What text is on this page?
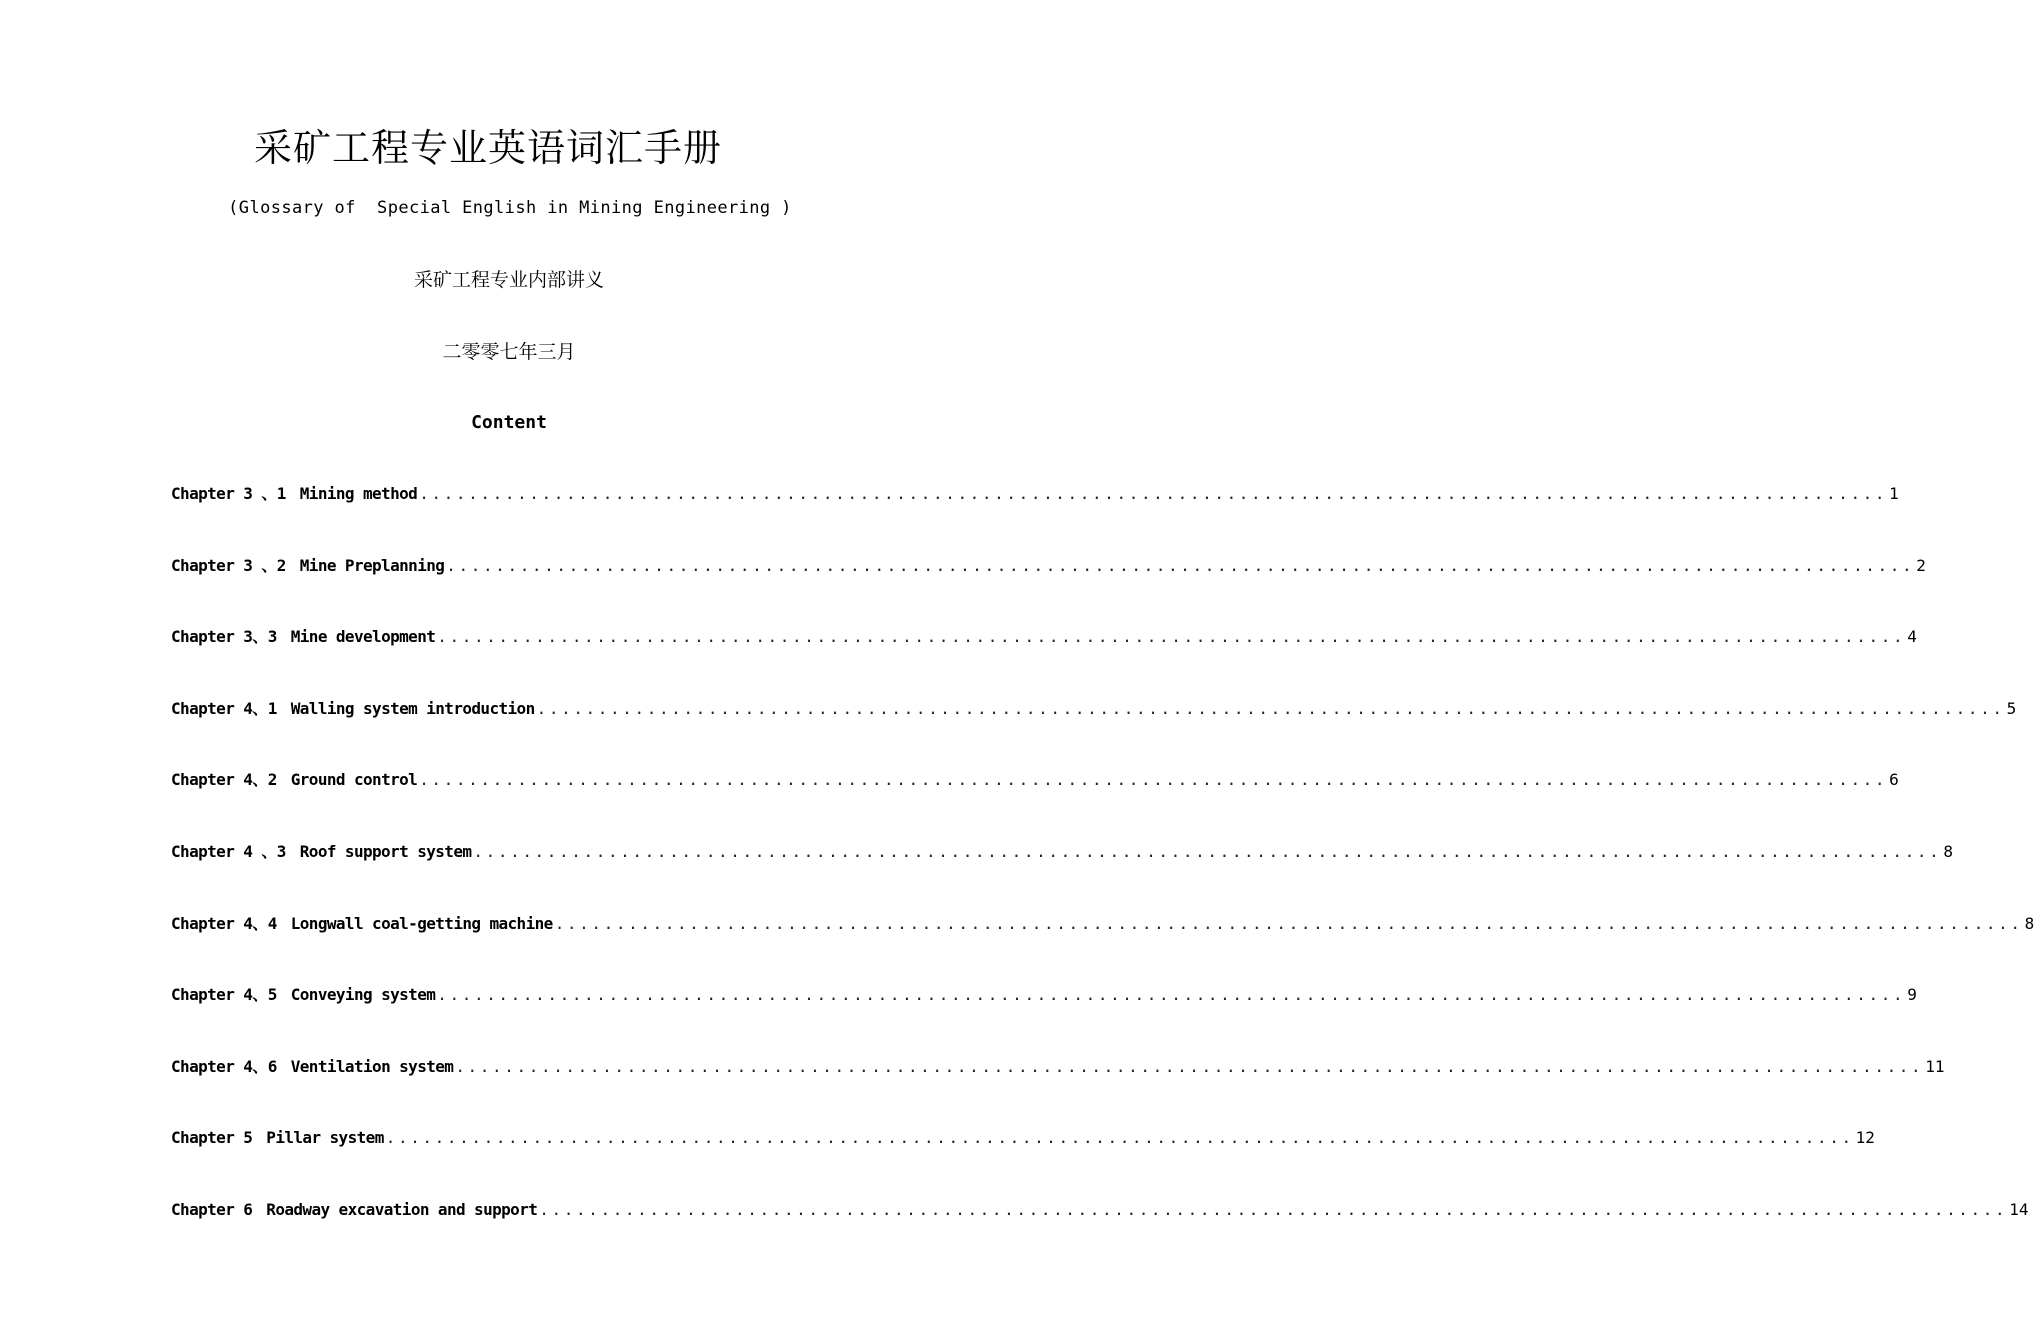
采矿工程专业英语词汇手册
(Glossary of  Special English in Mining Engineering )
采矿工程专业内部讲义
二零零七年三月
Content
Chapter 3 、1 Mining method ........................................................................................................................ 1
Chapter 3 、2 Mine Preplanning ........................................................................................................................ 2
Chapter 3、3 Mine development ........................................................................................................................ 4
Chapter 4、1 Walling system introduction ........................................................................................................................ 5
Chapter 4、2 Ground control ........................................................................................................................ 6
Chapter 4 、3 Roof support system ........................................................................................................................ 8
Chapter 4、4 Longwall coal-getting machine ........................................................................................................................ 8
Chapter 4、5 Conveying system ........................................................................................................................ 9
Chapter 4、6 Ventilation system ........................................................................................................................ 11
Chapter 5 Pillar system ........................................................................................................................ 12
Chapter 6 Roadway excavation and support ........................................................................................................................ 14
